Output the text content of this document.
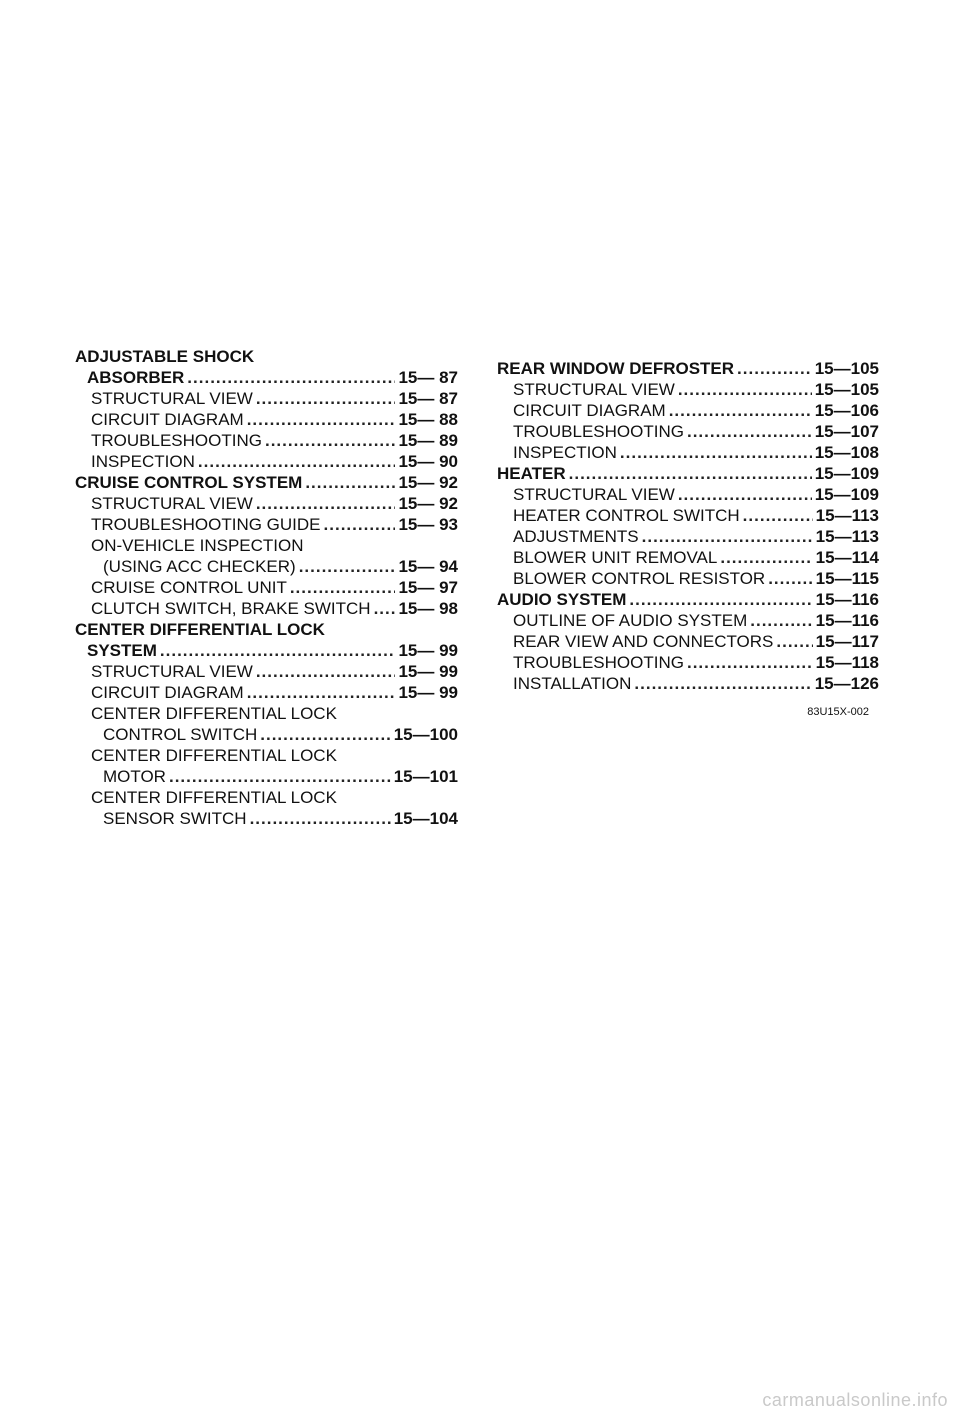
ADJUSTABLE SHOCK
ABSORBER .....	15— 87
STRUCTURAL VIEW .....	15— 87
CIRCUIT DIAGRAM .....	15— 88
TROUBLESHOOTING .....	15— 89
INSPECTION .....	15— 90
CRUISE CONTROL SYSTEM .....	15— 92
STRUCTURAL VIEW .....	15— 92
TROUBLESHOOTING GUIDE .....	15— 93
ON-VEHICLE INSPECTION
(USING ACC CHECKER) .....	15— 94
CRUISE CONTROL UNIT .....	15— 97
CLUTCH SWITCH, BRAKE SWITCH ..... 15— 98
CENTER DIFFERENTIAL LOCK
SYSTEM .....	15— 99
STRUCTURAL VIEW .....	15— 99
CIRCUIT DIAGRAM .....	15— 99
CENTER DIFFERENTIAL LOCK
CONTROL SWITCH .....	15—100
CENTER DIFFERENTIAL LOCK
MOTOR .....	15—101
CENTER DIFFERENTIAL LOCK
SENSOR SWITCH .....	15—104
REAR WINDOW DEFROSTER .....	15—105
STRUCTURAL VIEW .....	15—105
CIRCUIT DIAGRAM .....	15—106
TROUBLESHOOTING .....	15—107
INSPECTION .....	15—108
HEATER .....	15—109
STRUCTURAL VIEW .....	15—109
HEATER CONTROL SWITCH .....	15—113
ADJUSTMENTS .....	15—113
BLOWER UNIT REMOVAL .....	15—114
BLOWER CONTROL RESISTOR .....	15—115
AUDIO SYSTEM .....	15—116
OUTLINE OF AUDIO SYSTEM .....	15—116
REAR VIEW AND CONNECTORS ..... 15—117
TROUBLESHOOTING .....	15—118
INSTALLATION .....	15—126
83U15X-002
carmanualsonline.info
